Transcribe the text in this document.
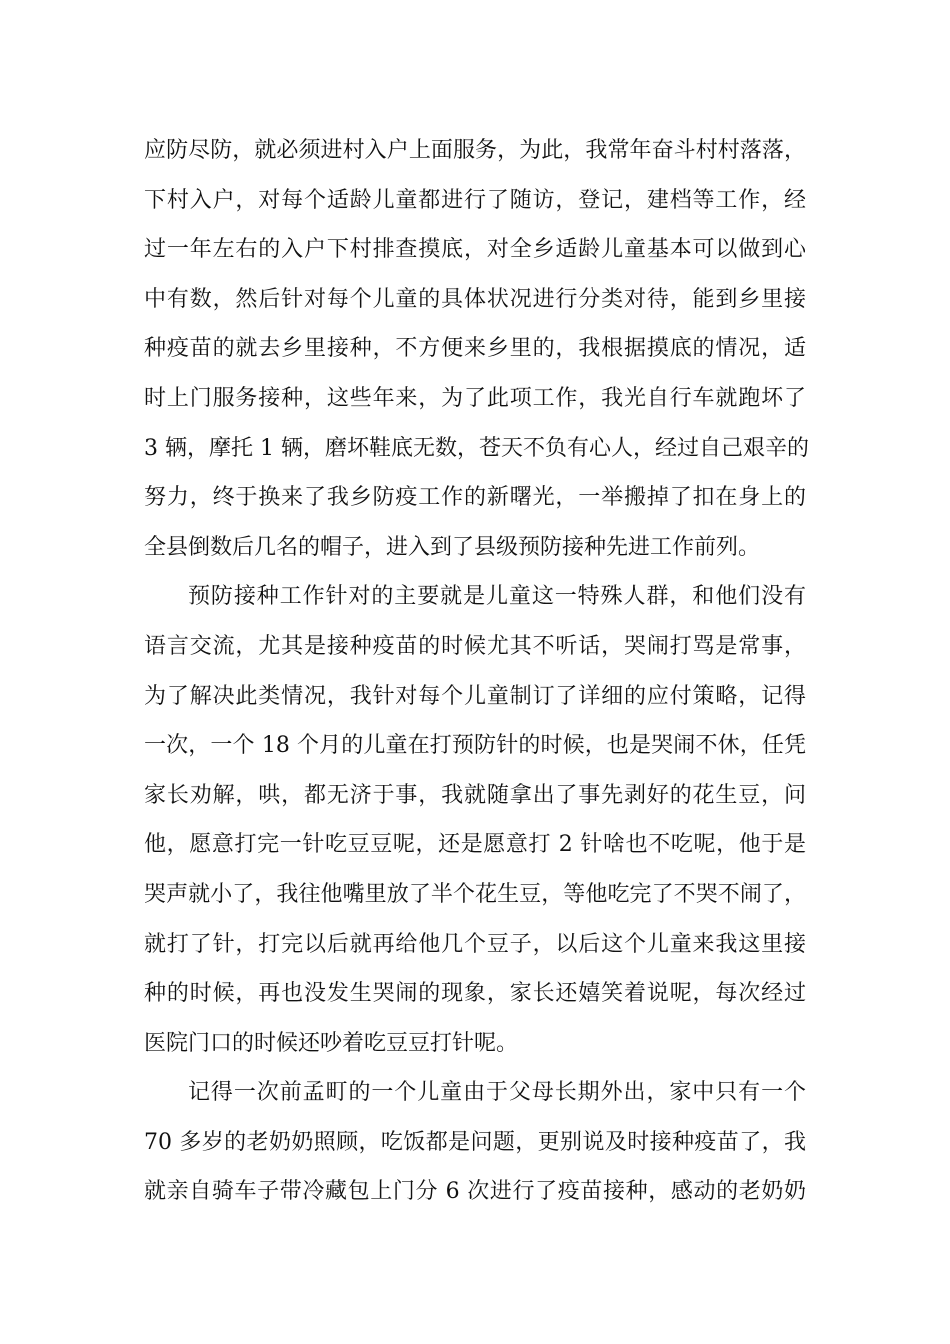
应防尽防，就必须进村入户上面服务，为此，我常年奋斗村村落落，
下村入户，对每个适龄儿童都进行了随访，登记，建档等工作，经
过一年左右的入户下村排查摸底，对全乡适龄儿童基本可以做到心
中有数，然后针对每个儿童的具体状况进行分类对待，能到乡里接
种疫苗的就去乡里接种，不方便来乡里的，我根据摸底的情况，适
时上门服务接种，这些年来，为了此项工作，我光自行车就跑坏了
3 辆，摩托 1 辆，磨坏鞋底无数，苍天不负有心人，经过自己艰辛的
努力，终于换来了我乡防疫工作的新曙光，一举搬掉了扣在身上的
全县倒数后几名的帽子，进入到了县级预防接种先进工作前列。
预防接种工作针对的主要就是儿童这一特殊人群，和他们没有
语言交流，尤其是接种疫苗的时候尤其不听话，哭闹打骂是常事，
为了解决此类情况，我针对每个儿童制订了详细的应付策略，记得
一次，一个 18 个月的儿童在打预防针的时候，也是哭闹不休，任凭
家长劝解，哄，都无济于事，我就随拿出了事先剥好的花生豆，问
他，愿意打完一针吃豆豆呢，还是愿意打 2 针啥也不吃呢，他于是
哭声就小了，我往他嘴里放了半个花生豆，等他吃完了不哭不闹了，
就打了针，打完以后就再给他几个豆子，以后这个儿童来我这里接
种的时候，再也没发生哭闹的现象，家长还嬉笑着说呢，每次经过
医院门口的时候还吵着吃豆豆打针呢。
记得一次前孟町的一个儿童由于父母长期外出，家中只有一个
70 多岁的老奶奶照顾，吃饭都是问题，更别说及时接种疫苗了，我
就亲自骑车子带冷藏包上门分 6 次进行了疫苗接种，感动的老奶奶
